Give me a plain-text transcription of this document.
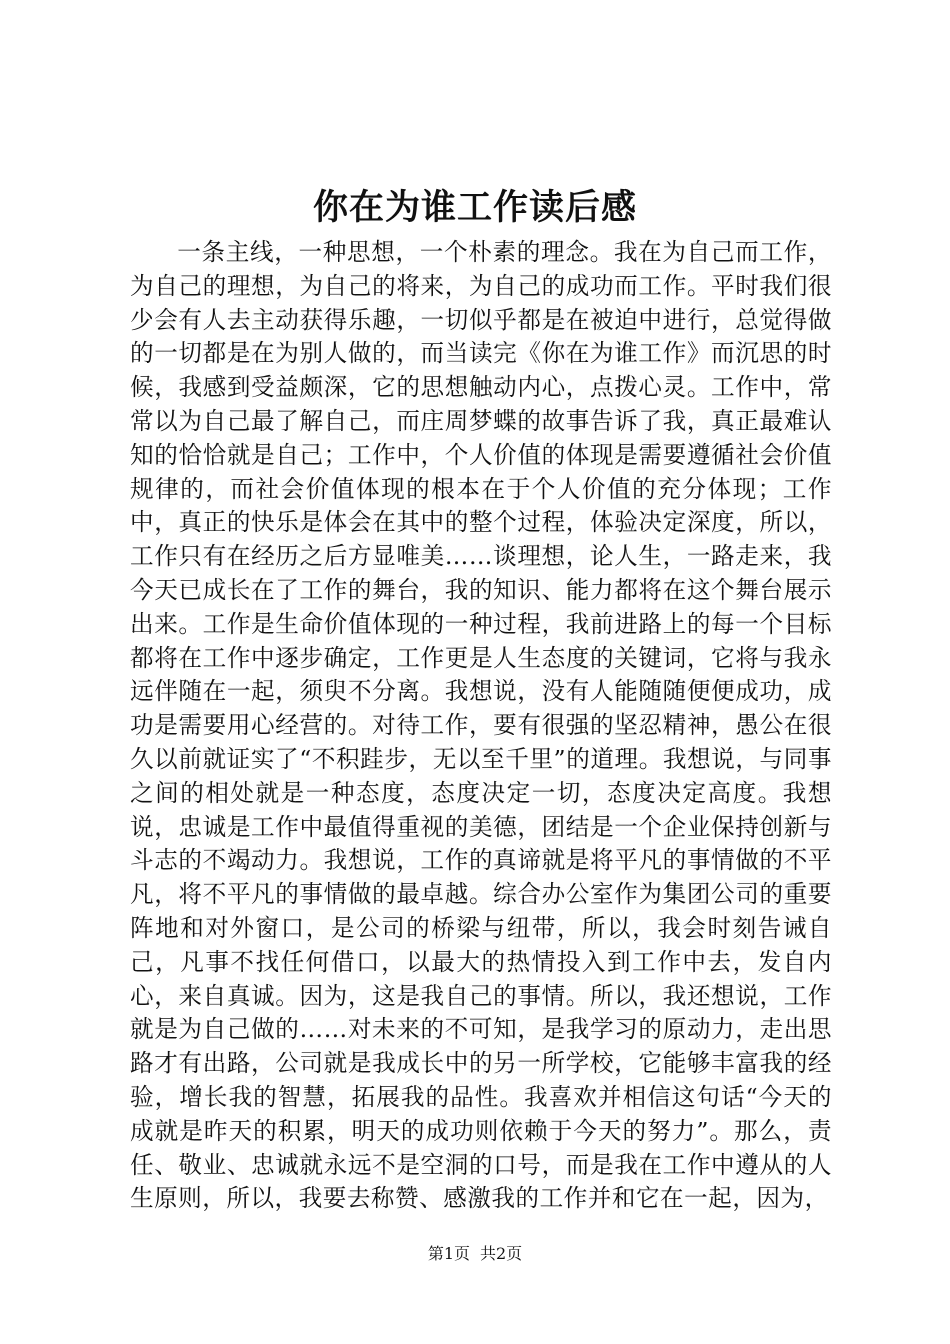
你在为谁工作读后感

一条主线，一种思想，一个朴素的理念。我在为自己而工作，为自己的理想，为自己的将来，为自己的成功而工作。平时我们很少会有人去主动获得乐趣，一切似乎都是在被迫中进行，总觉得做的一切都是在为别人做的，而当读完《你在为谁工作》而沉思的时候，我感到受益颇深，它的思想触动内心，点拨心灵。工作中，常常以为自己最了解自己，而庄周梦蝶的故事告诉了我，真正最难认知的恰恰就是自己；工作中，个人价值的体现是需要遵循社会价值规律的，而社会价值体现的根本在于个人价值的充分体现；工作中，真正的快乐是体会在其中的整个过程，体验决定深度，所以，工作只有在经历之后方显唯美……谈理想，论人生，一路走来，我今天已成长在了工作的舞台，我的知识、能力都将在这个舞台展示出来。工作是生命价值体现的一种过程，我前进路上的每一个目标都将在工作中逐步确定，工作更是人生态度的关键词，它将与我永远伴随在一起，须臾不分离。我想说，没有人能随随便便成功，成功是需要用心经营的。对待工作，要有很强的坚忍精神，愚公在很久以前就证实了“不积跬步，无以至千里”的道理。我想说，与同事之间的相处就是一种态度，态度决定一切，态度决定高度。我想说，忠诚是工作中最值得重视的美德，团结是一个企业保持创新与斗志的不竭动力。我想说，工作的真谛就是将平凡的事情做的不平凡，将不平凡的事情做的最卓越。综合办公室作为集团公司的重要阵地和对外窗口，是公司的桥梁与纽带，所以，我会时刻告诫自己，凡事不找任何借口，以最大的热情投入到工作中去，发自内心，来自真诚。因为，这是我自己的事情。所以，我还想说，工作就是为自己做的……对未来的不可知，是我学习的原动力，走出思路才有出路，公司就是我成长中的另一所学校，它能够丰富我的经验，增长我的智慧，拓展我的品性。我喜欢并相信这句话“今天的成就是昨天的积累，明天的成功则依赖于今天的努力”。那么，责任、敬业、忠诚就永远不是空洞的口号，而是我在工作中遵从的人生原则，所以，我要去称赞、感激我的工作并和它在一起，因为，

第1页 共2页
